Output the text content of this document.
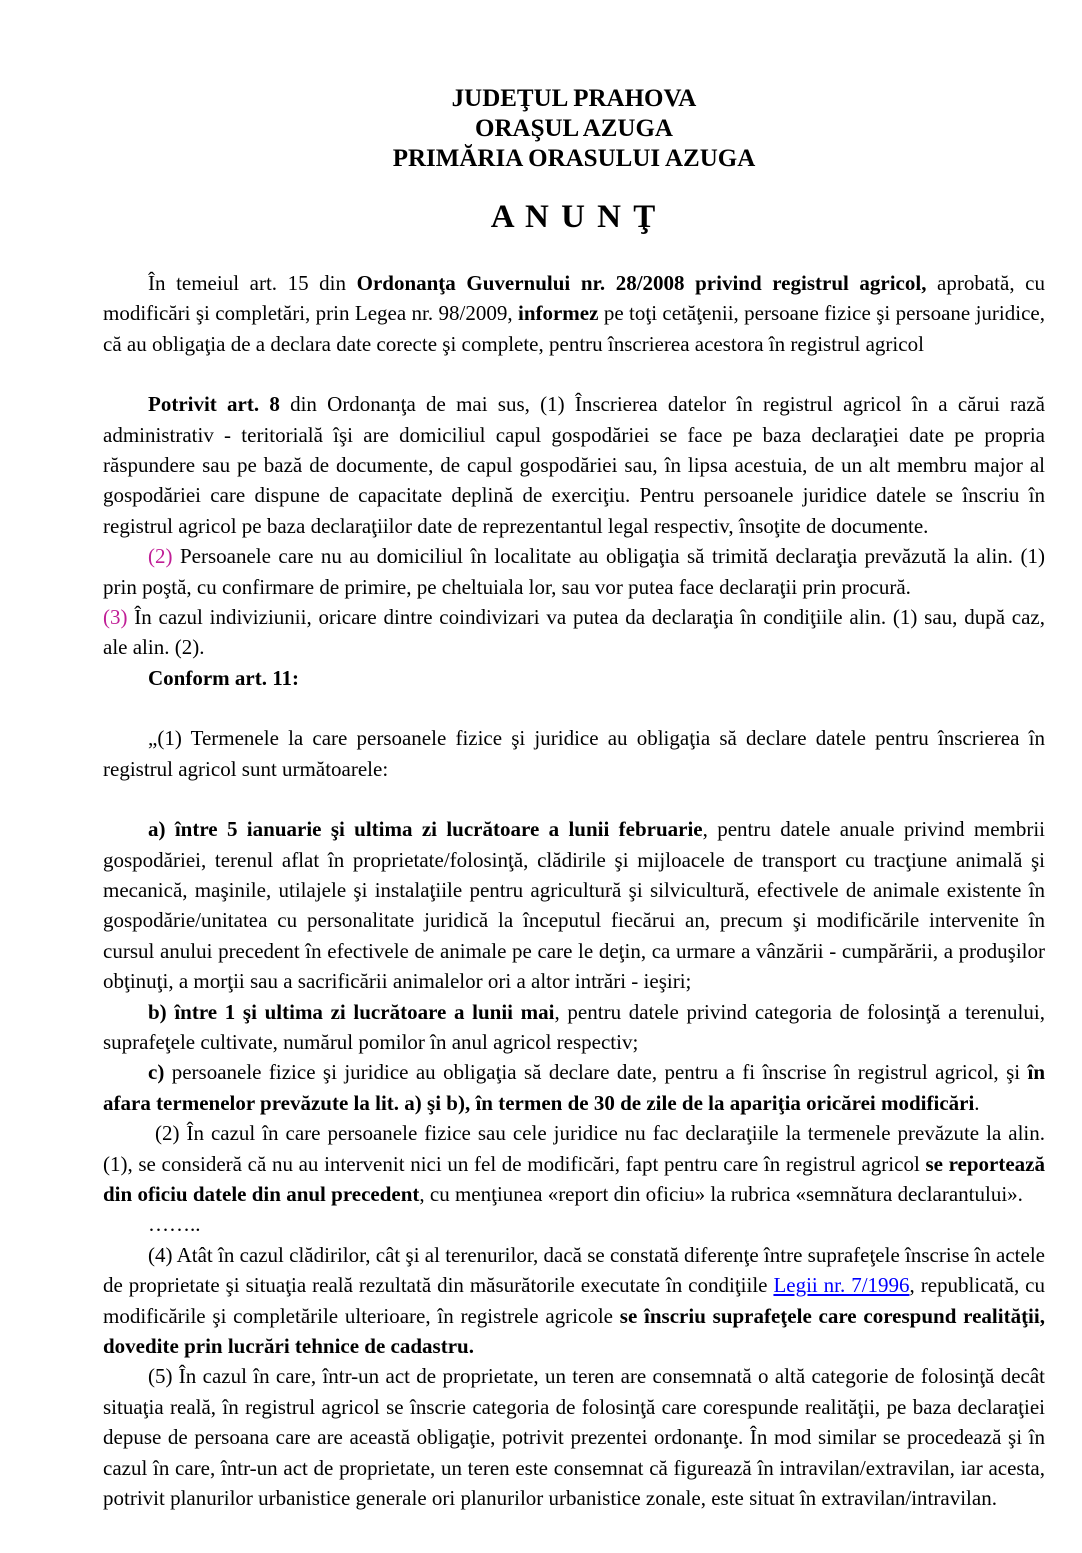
JUDEŢUL PRAHOVA

ORAŞUL AZUGA

PRIMĂRIA ORASULUI AZUGA

A N U N Ţ

În temeiul art. 15 din Ordonanţa Guvernului nr. 28/2008 privind registrul agricol, aprobată, cu modificări şi completări, prin Legea nr. 98/2009, informez pe toţi cetăţenii, persoane fizice şi persoane juridice, că au obligaţia de a declara date corecte şi complete, pentru înscrierea acestora în registrul agricol

Potrivit art. 8 din Ordonanţa de mai sus, (1) Înscrierea datelor în registrul agricol în a cărui rază administrativ - teritorială îşi are domiciliul capul gospodăriei se face pe baza declaraţiei date pe propria răspundere sau pe bază de documente, de capul gospodăriei sau, în lipsa acestuia, de un alt membru major al gospodăriei care dispune de capacitate deplină de exerciţiu. Pentru persoanele juridice datele se înscriu în registrul agricol pe baza declaraţiilor date de reprezentantul legal respectiv, însoţite de documente.

(2) Persoanele care nu au domiciliul în localitate au obligaţia să trimită declaraţia prevăzută la alin. (1) prin poştă, cu confirmare de primire, pe cheltuiala lor, sau vor putea face declaraţii prin procură.

(3) În cazul indiviziunii, oricare dintre coindivizari va putea da declaraţia în condiţiile alin. (1) sau, după caz, ale alin. (2).

Conform art. 11:

„(1) Termenele la care persoanele fizice şi juridice au obligaţia să declare datele pentru înscrierea în registrul agricol sunt următoarele:

a) între 5 ianuarie şi ultima zi lucrătoare a lunii februarie, pentru datele anuale privind membrii gospodăriei, terenul aflat în proprietate/folosinţă, clădirile şi mijloacele de transport cu tracţiune animală şi mecanică, maşinile, utilajele şi instalaţiile pentru agricultură şi silvicultură, efectivele de animale existente în gospodărie/unitatea cu personalitate juridică la începutul fiecărui an, precum şi modificările intervenite în cursul anului precedent în efectivele de animale pe care le deţin, ca urmare a vânzării - cumpărării, a produşilor obţinuţi, a morţii sau a sacrificării animalelor ori a altor intrări - ieşiri;

b) între 1 şi ultima zi lucrătoare a lunii mai, pentru datele privind categoria de folosinţă a terenului, suprafeţele cultivate, numărul pomilor în anul agricol respectiv;

c) persoanele fizice şi juridice au obligaţia să declare date, pentru a fi înscrise în registrul agricol, şi în afara termenelor prevăzute la lit. a) şi b), în termen de 30 de zile de la apariţia oricărei modificări.

(2) În cazul în care persoanele fizice sau cele juridice nu fac declaraţiile la termenele prevăzute la alin. (1), se consideră că nu au intervenit nici un fel de modificări, fapt pentru care în registrul agricol se reportează din oficiu datele din anul precedent, cu menţiunea «report din oficiu» la rubrica «semnătura declarantului».

……..

(4) Atât în cazul clădirilor, cât şi al terenurilor, dacă se constată diferenţe între suprafeţele înscrise în actele de proprietate şi situaţia reală rezultată din măsurătorile executate în condiţiile Legii nr. 7/1996, republicată, cu modificările şi completările ulterioare, în registrele agricole se înscriu suprafeţele care corespund realităţii, dovedite prin lucrări tehnice de cadastru.

(5) În cazul în care, într-un act de proprietate, un teren are consemnată o altă categorie de folosinţă decât situaţia reală, în registrul agricol se înscrie categoria de folosinţă care corespunde realităţii, pe baza declaraţiei depuse de persoana care are această obligaţie, potrivit prezentei ordonanţe. În mod similar se procedează şi în cazul în care, într-un act de proprietate, un teren este consemnat că figurează în intravilan/extravilan, iar acesta, potrivit planurilor urbanistice generale ori planurilor urbanistice zonale, este situat în extravilan/intravilan.
